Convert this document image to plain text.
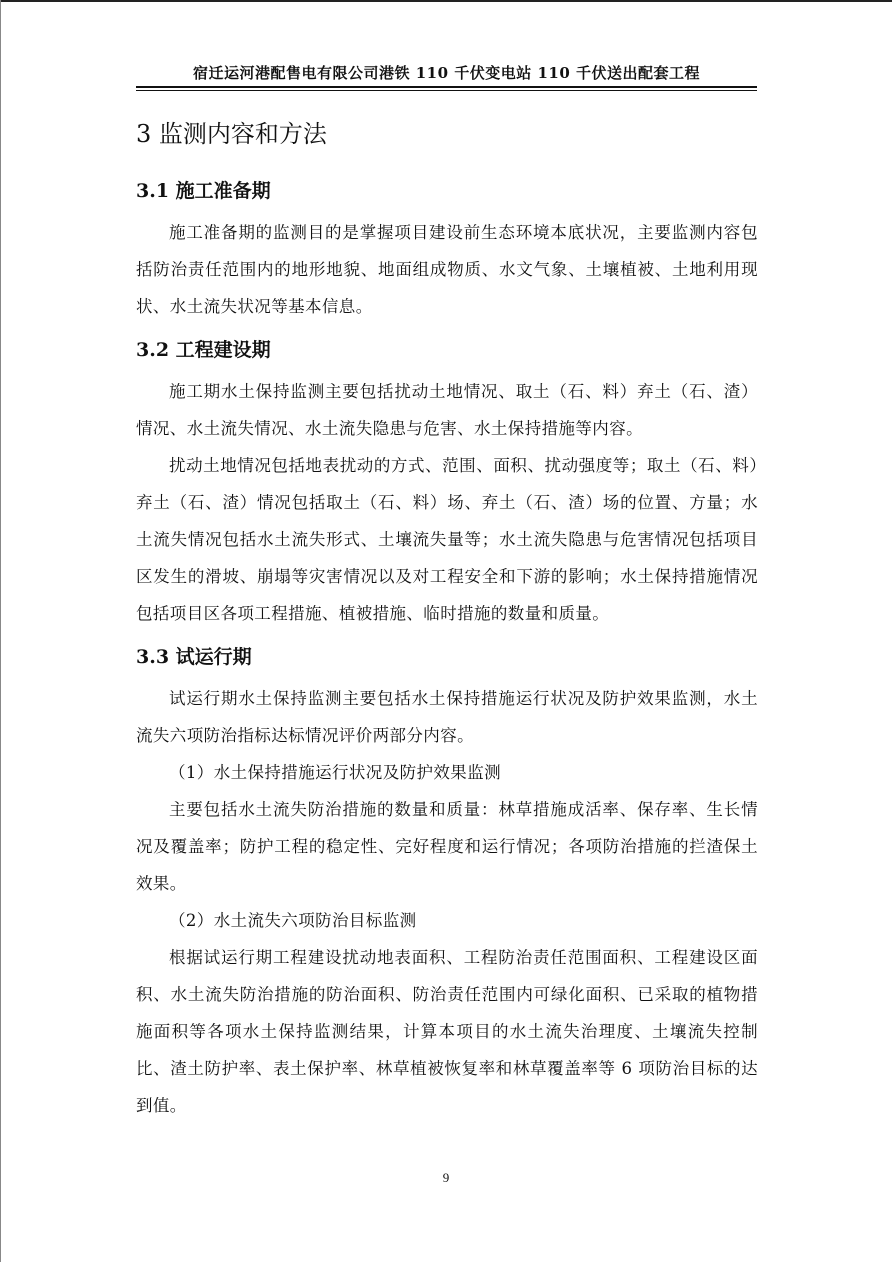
宿迁运河港配售电有限公司港铁 110 千伏变电站 110 千伏送出配套工程
3 监测内容和方法
3.1 施工准备期

施工准备期的监测目的是掌握项目建设前生态环境本底状况，主要监测内容包括防治责任范围内的地形地貌、地面组成物质、水文气象、土壤植被、土地利用现状、水土流失状况等基本信息。

3.2 工程建设期

施工期水土保持监测主要包括扰动土地情况、取土（石、料）弃土（石、渣）情况、水土流失情况、水土流失隐患与危害、水土保持措施等内容。

扰动土地情况包括地表扰动的方式、范围、面积、扰动强度等；取土（石、料）弃土（石、渣）情况包括取土（石、料）场、弃土（石、渣）场的位置、方量；水土流失情况包括水土流失形式、土壤流失量等；水土流失隐患与危害情况包括项目区发生的滑坡、崩塌等灾害情况以及对工程安全和下游的影响；水土保持措施情况包括项目区各项工程措施、植被措施、临时措施的数量和质量。

3.3 试运行期

试运行期水土保持监测主要包括水土保持措施运行状况及防护效果监测，水土流失六项防治指标达标情况评价两部分内容。

（1）水土保持措施运行状况及防护效果监测

主要包括水土流失防治措施的数量和质量：林草措施成活率、保存率、生长情况及覆盖率；防护工程的稳定性、完好程度和运行情况；各项防治措施的拦渣保土效果。

（2）水土流失六项防治目标监测

根据试运行期工程建设扰动地表面积、工程防治责任范围面积、工程建设区面积、水土流失防治措施的防治面积、防治责任范围内可绿化面积、已采取的植物措施面积等各项水土保持监测结果，计算本项目的水土流失治理度、土壤流失控制比、渣土防护率、表土保护率、林草植被恢复率和林草覆盖率等 6 项防治目标的达到值。

9
